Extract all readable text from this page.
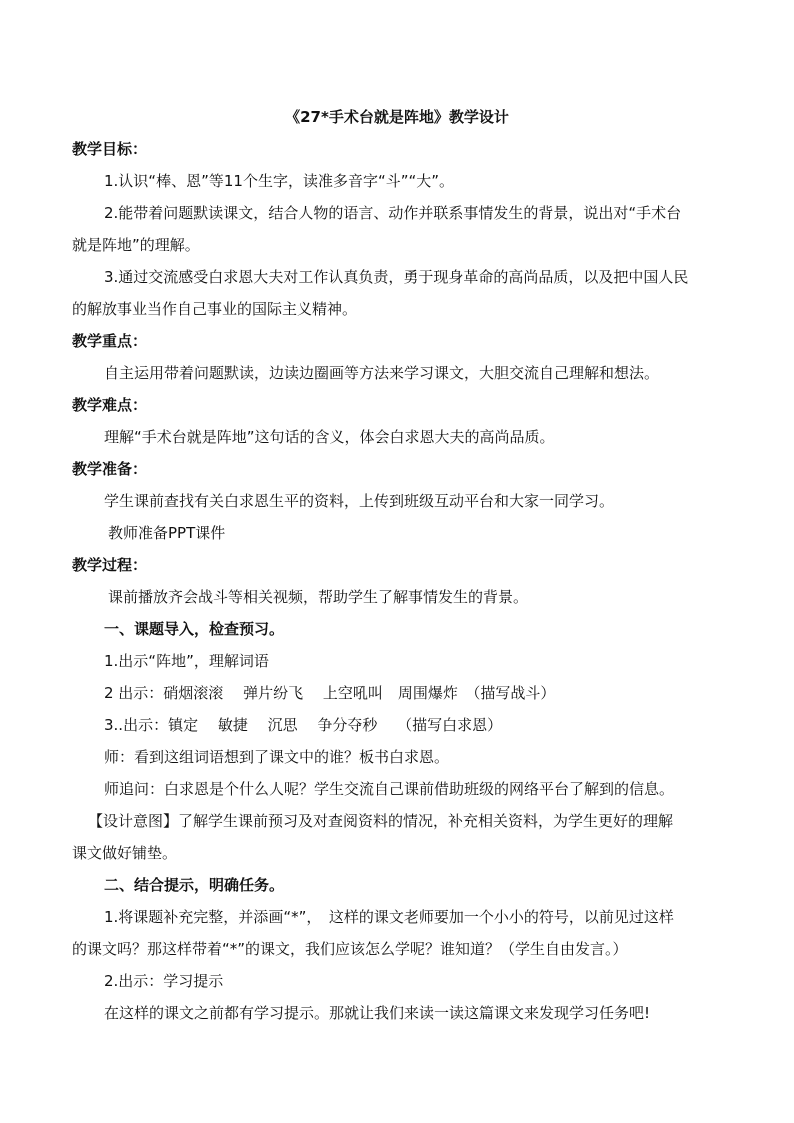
《27*手术台就是阵地》教学设计
教学目标：
1.认识“棒、恩”等11个生字，读准多音字“斗”“大”。
2.能带着问题默读课文，结合人物的语言、动作并联系事情发生的背景，说出对“手术台
就是阵地”的理解。
3.通过交流感受白求恩大夫对工作认真负责，勇于现身革命的高尚品质，以及把中国人民
的解放事业当作自己事业的国际主义精神。
教学重点：
自主运用带着问题默读，边读边圈画等方法来学习课文，大胆交流自己理解和想法。
教学难点：
理解“手术台就是阵地”这句话的含义，体会白求恩大夫的高尚品质。
教学准备：
学生课前查找有关白求恩生平的资料，上传到班级互动平台和大家一同学习。
教师准备PPT课件
教学过程：
课前播放齐会战斗等相关视频，帮助学生了解事情发生的背景。
一、课题导入，检查预习。
1.出示“阵地”，理解词语
2 出示：硝烟滚滚　 弹片纷飞　 上空吼叫　周围爆炸　（描写战斗）
3..出示：镇定　 敏捷　 沉思　 争分夺秒　 （描写白求恩）
师：看到这组词语想到了课文中的谁？板书白求恩。
师追问：白求恩是个什么人呢？学生交流自己课前借助班级的网络平台了解到的信息。
【设计意图】了解学生课前预习及对查阅资料的情况，补充相关资料，为学生更好的理解
课文做好铺垫。
二、结合提示，明确任务。
1.将课题补充完整，并添画“*”，　这样的课文老师要加一个小小的符号，以前见过这样
的课文吗？那这样带着“*”的课文，我们应该怎么学呢？谁知道？（学生自由发言。）
2.出示：学习提示
在这样的课文之前都有学习提示。那就让我们来读一读这篇课文来发现学习任务吧!
